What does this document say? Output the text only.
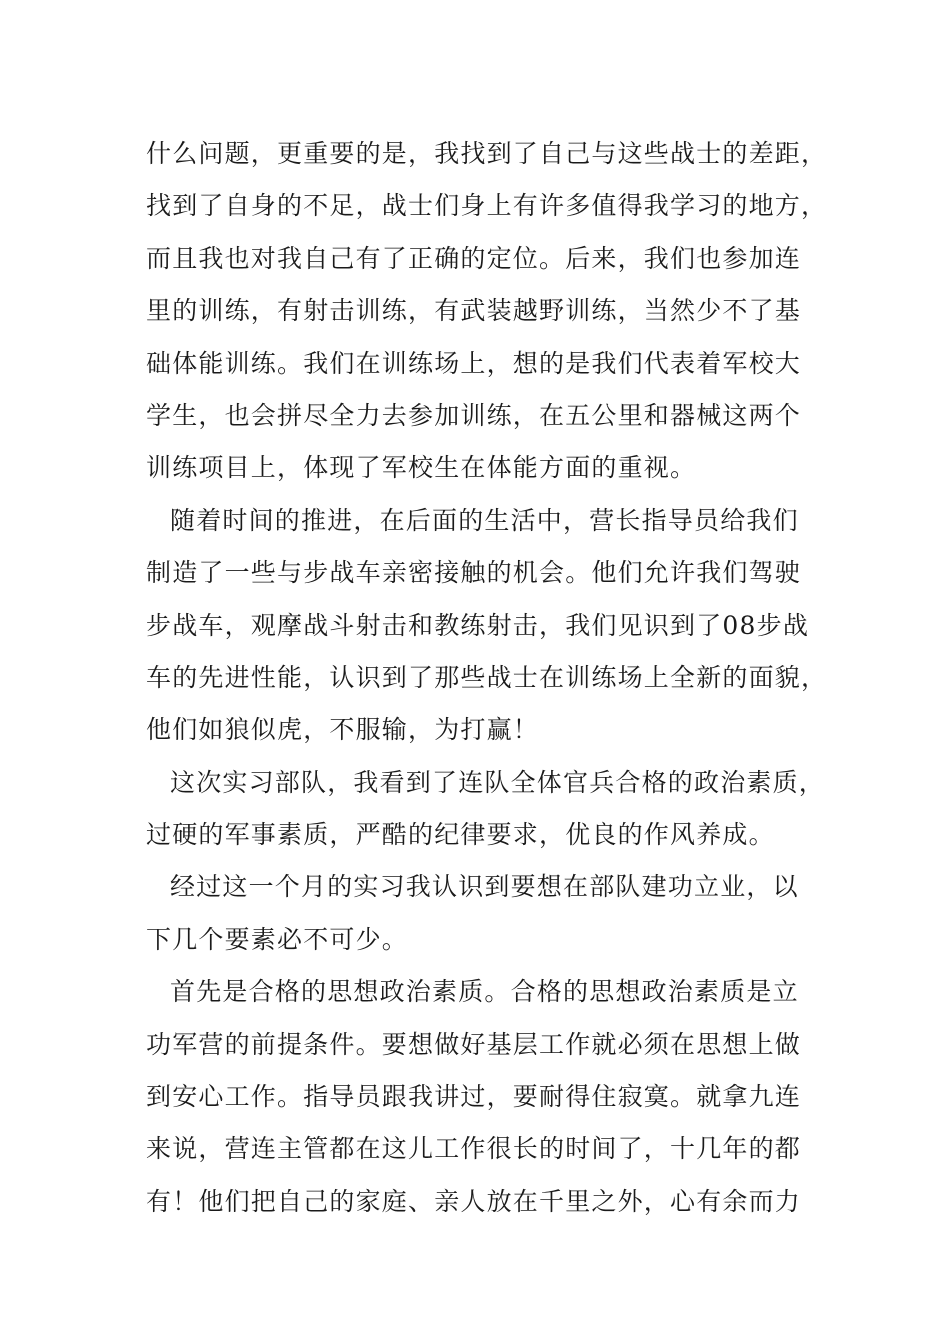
什么问题，更重要的是，我找到了自己与这些战士的差距，
找到了自身的不足，战士们身上有许多值得我学习的地方，
而且我也对我自己有了正确的定位。后来，我们也参加连
里的训练，有射击训练，有武装越野训练，当然少不了基
础体能训练。我们在训练场上，想的是我们代表着军校大
学生，也会拼尽全力去参加训练，在五公里和器械这两个
训练项目上，体现了军校生在体能方面的重视。
随着时间的推进，在后面的生活中，营长指导员给我们
制造了一些与步战车亲密接触的机会。他们允许我们驾驶
步战车，观摩战斗射击和教练射击，我们见识到了08步战
车的先进性能，认识到了那些战士在训练场上全新的面貌，
他们如狼似虎，不服输，为打赢！
这次实习部队，我看到了连队全体官兵合格的政治素质，
过硬的军事素质，严酷的纪律要求，优良的作风养成。
经过这一个月的实习我认识到要想在部队建功立业，以
下几个要素必不可少。
首先是合格的思想政治素质。合格的思想政治素质是立
功军营的前提条件。要想做好基层工作就必须在思想上做
到安心工作。指导员跟我讲过，要耐得住寂寞。就拿九连
来说，营连主管都在这儿工作很长的时间了，十几年的都
有！他们把自己的家庭、亲人放在千里之外，心有余而力
